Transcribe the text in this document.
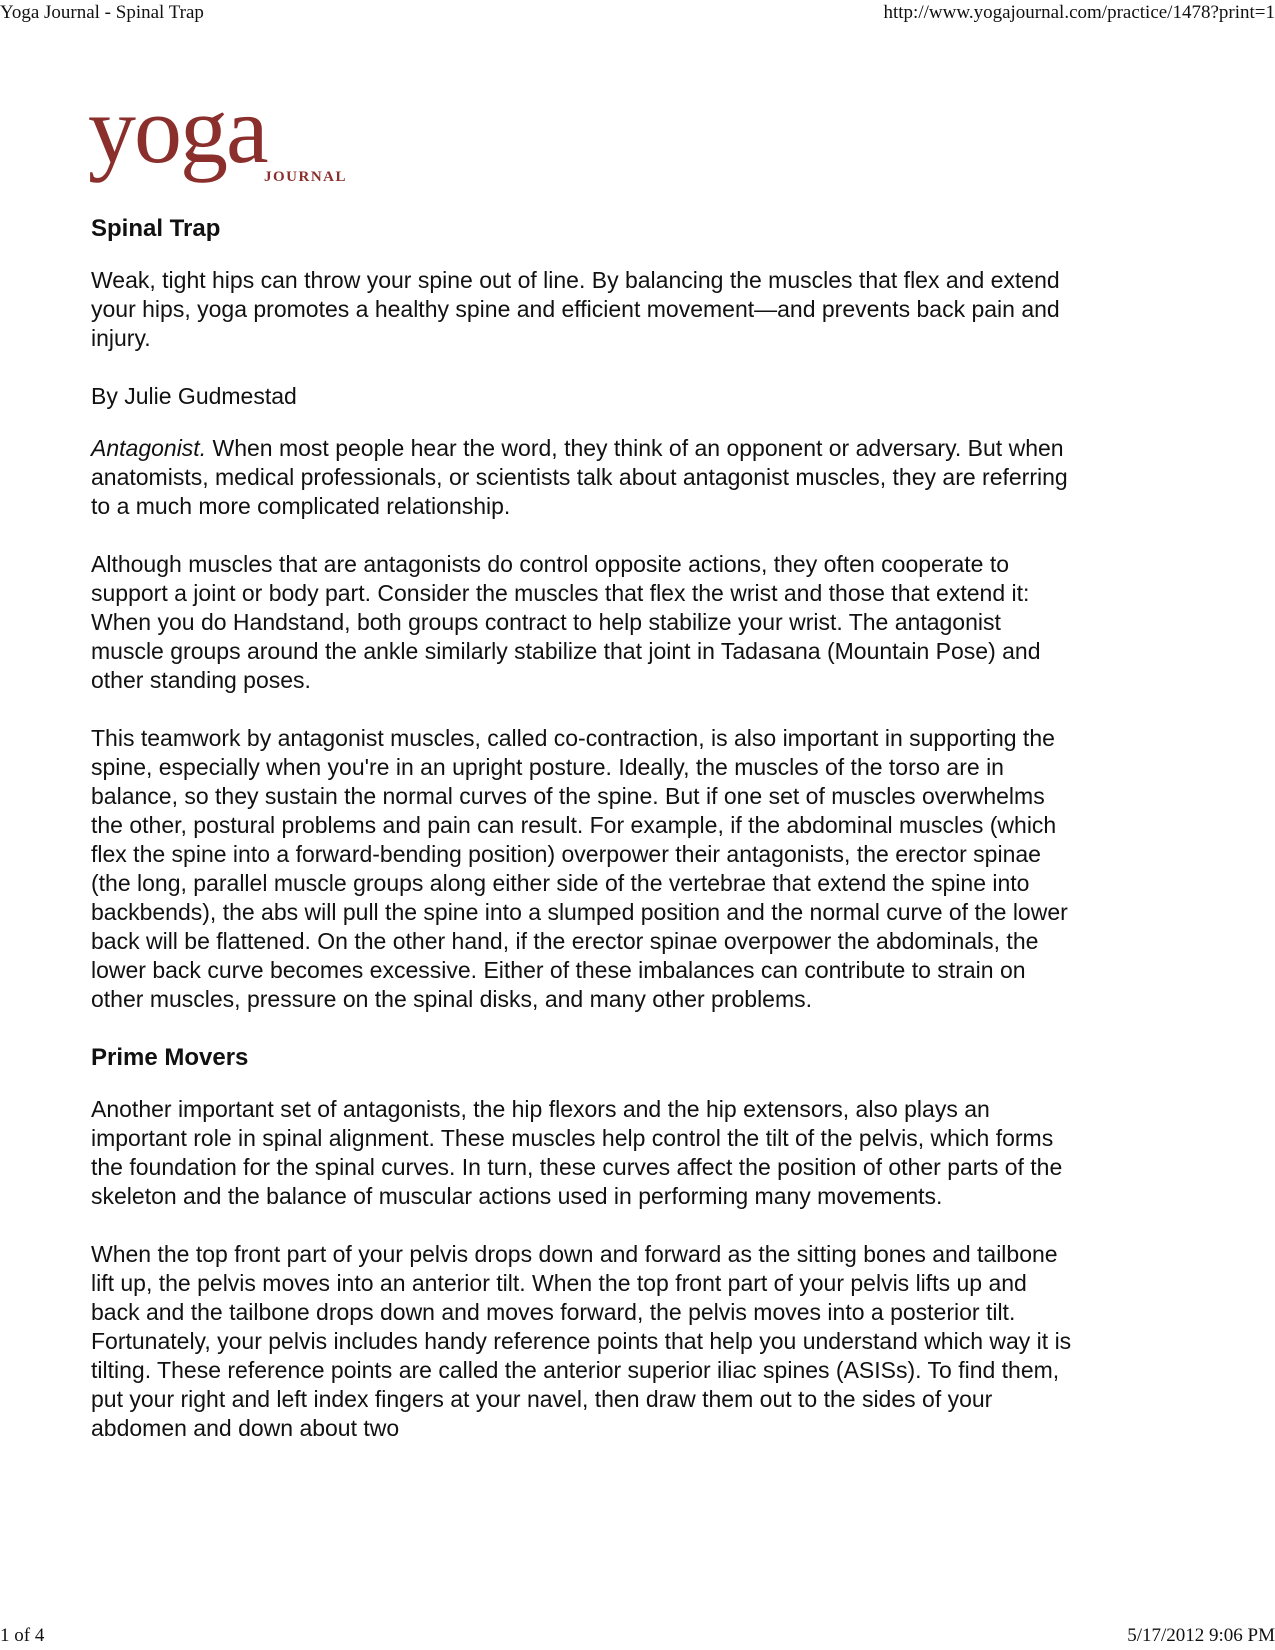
Yoga Journal - Spinal Trap	http://www.yogajournal.com/practice/1478?print=1
yoga
JOURNAL
Spinal Trap

Weak, tight hips can throw your spine out of line. By balancing the muscles that flex and extend your hips, yoga promotes a healthy spine and efficient movement—and prevents back pain and injury.

By Julie Gudmestad

Antagonist. When most people hear the word, they think of an opponent or adversary. But when anatomists, medical professionals, or scientists talk about antagonist muscles, they are referring to a much more complicated relationship.

Although muscles that are antagonists do control opposite actions, they often cooperate to support a joint or body part. Consider the muscles that flex the wrist and those that extend it: When you do Handstand, both groups contract to help stabilize your wrist. The antagonist muscle groups around the ankle similarly stabilize that joint in Tadasana (Mountain Pose) and other standing poses.

This teamwork by antagonist muscles, called co-contraction, is also important in supporting the spine, especially when you're in an upright posture. Ideally, the muscles of the torso are in balance, so they sustain the normal curves of the spine. But if one set of muscles overwhelms the other, postural problems and pain can result. For example, if the abdominal muscles (which flex the spine into a forward-bending position) overpower their antagonists, the erector spinae (the long, parallel muscle groups along either side of the vertebrae that extend the spine into backbends), the abs will pull the spine into a slumped position and the normal curve of the lower back will be flattened. On the other hand, if the erector spinae overpower the abdominals, the lower back curve becomes excessive. Either of these imbalances can contribute to strain on other muscles, pressure on the spinal disks, and many other problems.

Prime Movers

Another important set of antagonists, the hip flexors and the hip extensors, also plays an important role in spinal alignment. These muscles help control the tilt of the pelvis, which forms the foundation for the spinal curves. In turn, these curves affect the position of other parts of the skeleton and the balance of muscular actions used in performing many movements.

When the top front part of your pelvis drops down and forward as the sitting bones and tailbone lift up, the pelvis moves into an anterior tilt. When the top front part of your pelvis lifts up and back and the tailbone drops down and moves forward, the pelvis moves into a posterior tilt. Fortunately, your pelvis includes handy reference points that help you understand which way it is tilting. These reference points are called the anterior superior iliac spines (ASISs). To find them, put your right and left index fingers at your navel, then draw them out to the sides of your abdomen and down about two

1 of 4	5/17/2012 9:06 PM
